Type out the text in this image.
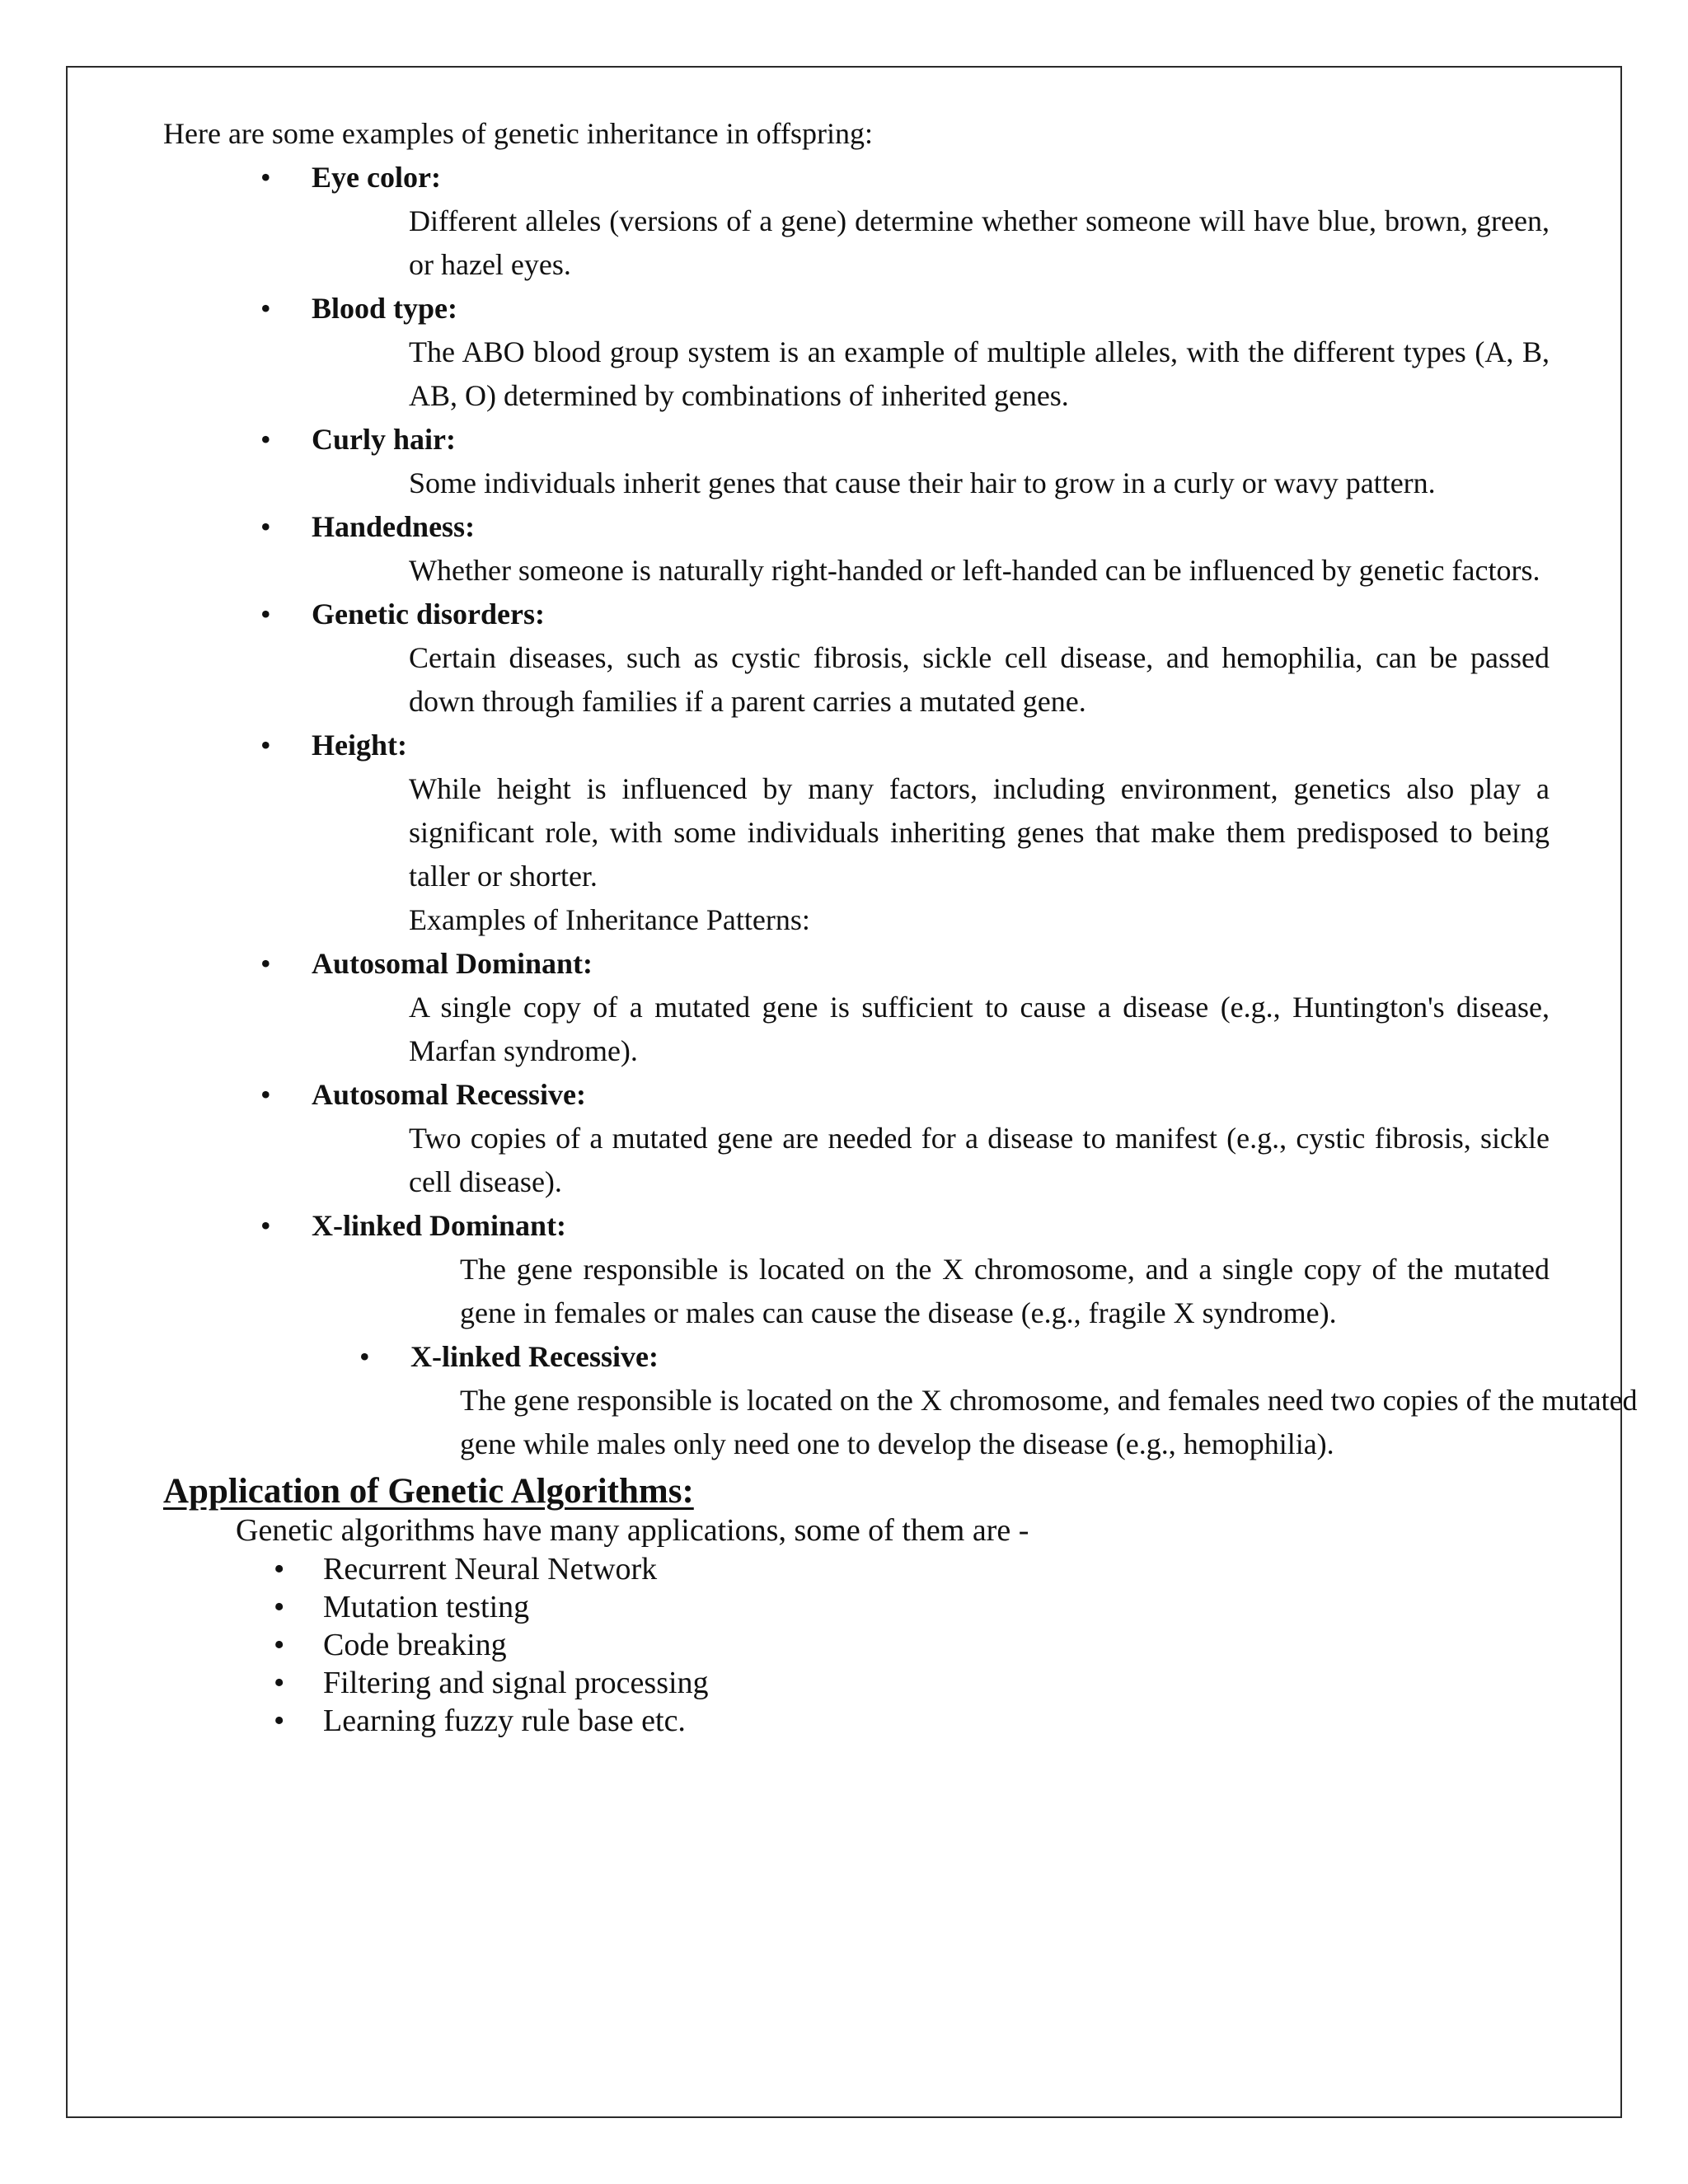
Here are some examples of genetic inheritance in offspring:

• Eye color:
Different alleles (versions of a gene) determine whether someone will have blue, brown, green, or hazel eyes.
• Blood type:
The ABO blood group system is an example of multiple alleles, with the different types (A, B, AB, O) determined by combinations of inherited genes.
• Curly hair:
Some individuals inherit genes that cause their hair to grow in a curly or wavy pattern.
• Handedness:
Whether someone is naturally right-handed or left-handed can be influenced by genetic factors.
• Genetic disorders:
Certain diseases, such as cystic fibrosis, sickle cell disease, and hemophilia, can be passed down through families if a parent carries a mutated gene.
• Height:
While height is influenced by many factors, including environment, genetics also play a significant role, with some individuals inheriting genes that make them predisposed to being taller or shorter.
Examples of Inheritance Patterns:
• Autosomal Dominant:
A single copy of a mutated gene is sufficient to cause a disease (e.g., Huntington's disease, Marfan syndrome).
• Autosomal Recessive:
Two copies of a mutated gene are needed for a disease to manifest (e.g., cystic fibrosis, sickle cell disease).
• X-linked Dominant:
The gene responsible is located on the X chromosome, and a single copy of the mutated gene in females or males can cause the disease (e.g., fragile X syndrome).
• X-linked Recessive:
The gene responsible is located on the X chromosome, and females need two copies of the mutated gene while males only need one to develop the disease (e.g., hemophilia).
Application of Genetic Algorithms:
Genetic algorithms have many applications, some of them are -
• Recurrent Neural Network
• Mutation testing
• Code breaking
• Filtering and signal processing
• Learning fuzzy rule base etc.
